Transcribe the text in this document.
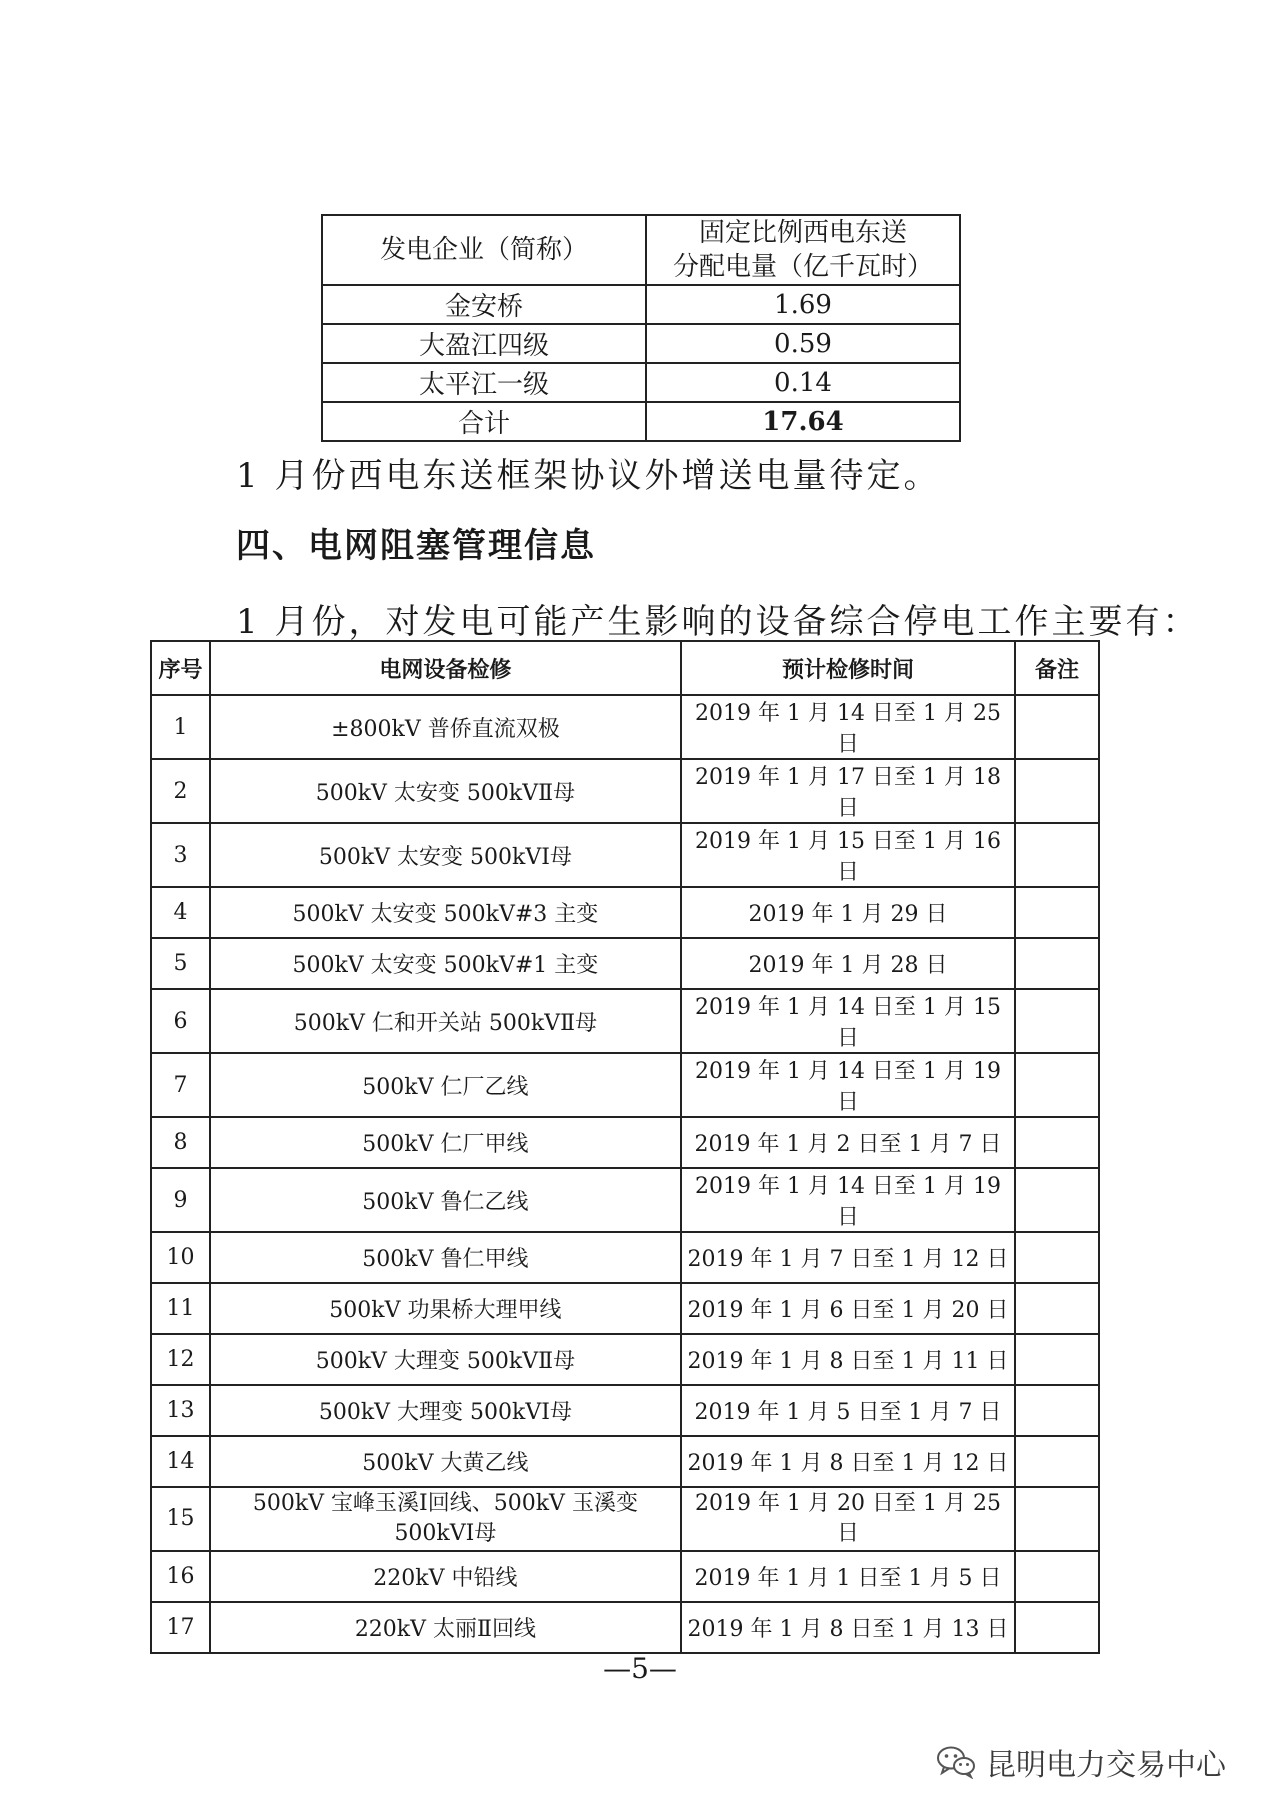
发电企业（简称）	固定比例西电东送
分配电量（亿千瓦时）
金安桥	1.69
大盈江四级	0.59
太平江一级	0.14
合计	17.64
1 月份西电东送框架协议外增送电量待定。
四、电网阻塞管理信息
1 月份，对发电可能产生影响的设备综合停电工作主要有：
序号	电网设备检修	预计检修时间	备注
1	±800kV 普侨直流双极	2019 年 1 月 14 日至 1 月 25 日	
2	500kV 太安变 500kVⅡ母	2019 年 1 月 17 日至 1 月 18 日	
3	500kV 太安变 500kVⅠ母	2019 年 1 月 15 日至 1 月 16 日	
4	500kV 太安变 500kV#3 主变	2019 年 1 月 29 日	
5	500kV 太安变 500kV#1 主变	2019 年 1 月 28 日	
6	500kV 仁和开关站 500kVⅡ母	2019 年 1 月 14 日至 1 月 15 日	
7	500kV 仁厂乙线	2019 年 1 月 14 日至 1 月 19 日	
8	500kV 仁厂甲线	2019 年 1 月 2 日至 1 月 7 日	
9	500kV 鲁仁乙线	2019 年 1 月 14 日至 1 月 19 日	
10	500kV 鲁仁甲线	2019 年 1 月 7 日至 1 月 12 日	
11	500kV 功果桥大理甲线	2019 年 1 月 6 日至 1 月 20 日	
12	500kV 大理变 500kVⅡ母	2019 年 1 月 8 日至 1 月 11 日	
13	500kV 大理变 500kVⅠ母	2019 年 1 月 5 日至 1 月 7 日	
14	500kV 大黄乙线	2019 年 1 月 8 日至 1 月 12 日	
15	500kV 宝峰玉溪Ⅰ回线、500kV 玉溪变 500kVⅠ母	2019 年 1 月 20 日至 1 月 25 日	
16	220kV 中铅线	2019 年 1 月 1 日至 1 月 5 日	
17	220kV 太丽Ⅱ回线	2019 年 1 月 8 日至 1 月 13 日	
—5—
昆明电力交易中心
